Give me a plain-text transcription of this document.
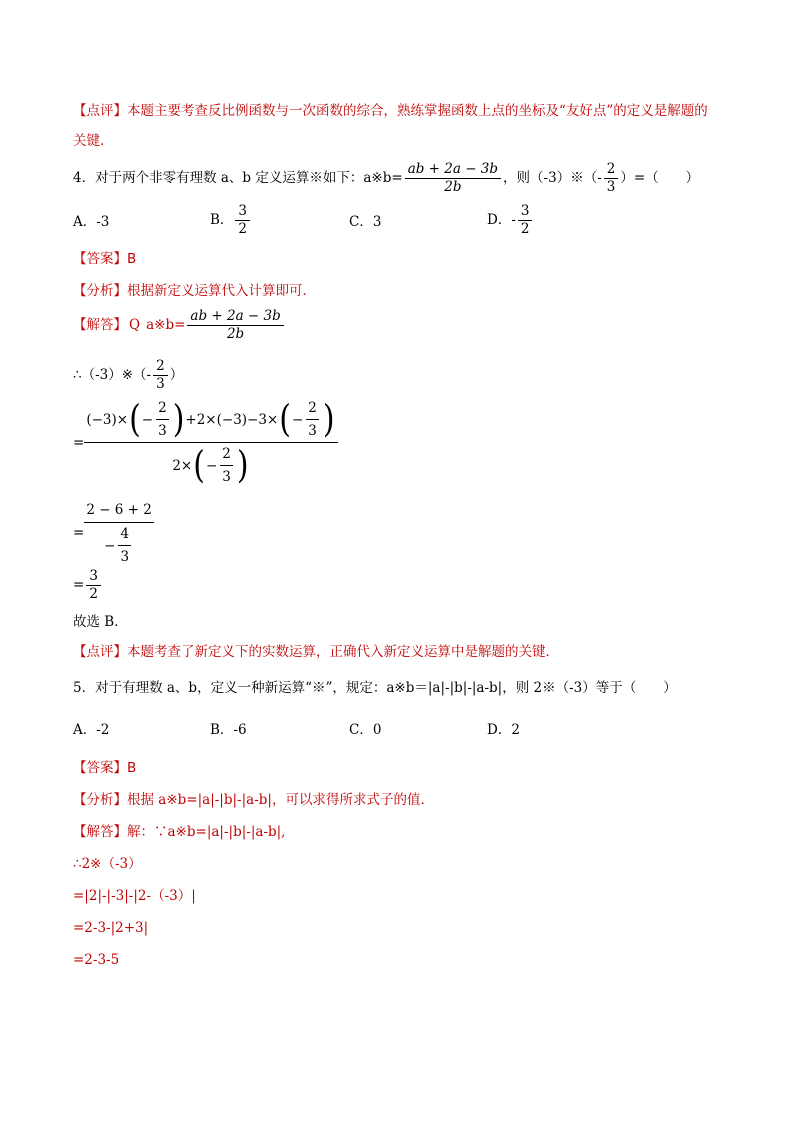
【点评】本题主要考查反比例函数与一次函数的综合，熟练掌握函数上点的坐标及“友好点”的定义是解题的
关键．
4．对于两个非零有理数 a、b 定义运算※如下：a※b= $\frac{ab + 2a - 3b}{2b}$ ，则（-3）※（- $\frac{2}{3}$ ）=（　　）
A．-3	B． $\frac{3}{2}$	C．3	D．- $\frac{3}{2}$
【答案】B
【分析】根据新定义运算代入计算即可．
【解答】 Q a※b= $\frac{ab + 2a - 3b}{2b}$
∴（-3）※（- $\frac{2}{3}$ ）
= $\frac{(-3)\times ( - \frac{2}{3} ) +2\times(-3)-3\times ( - \frac{2}{3} )}{2\times ( - \frac{2}{3} )}$
= $\frac{2 - 6 + 2}{- \frac{4}{3}}$
= $\frac{3}{2}$
故选 B．
【点评】本题考查了新定义下的实数运算，正确代入新定义运算中是解题的关键．
5．对于有理数 a、b，定义一种新运算“※”，规定：a※b＝|a|-|b|-|a-b|，则 2※（-3）等于（　　）
A．-2	B．-6	C．0	D．2
【答案】B
【分析】根据 a※b=|a|-|b|-|a-b|，可以求得所求式子的值．
【解答】解：∵a※b=|a|-|b|-|a-b|,
∴2※（-3）
=|2|-|-3|-|2-（-3）|
=2-3-|2+3|
=2-3-5
